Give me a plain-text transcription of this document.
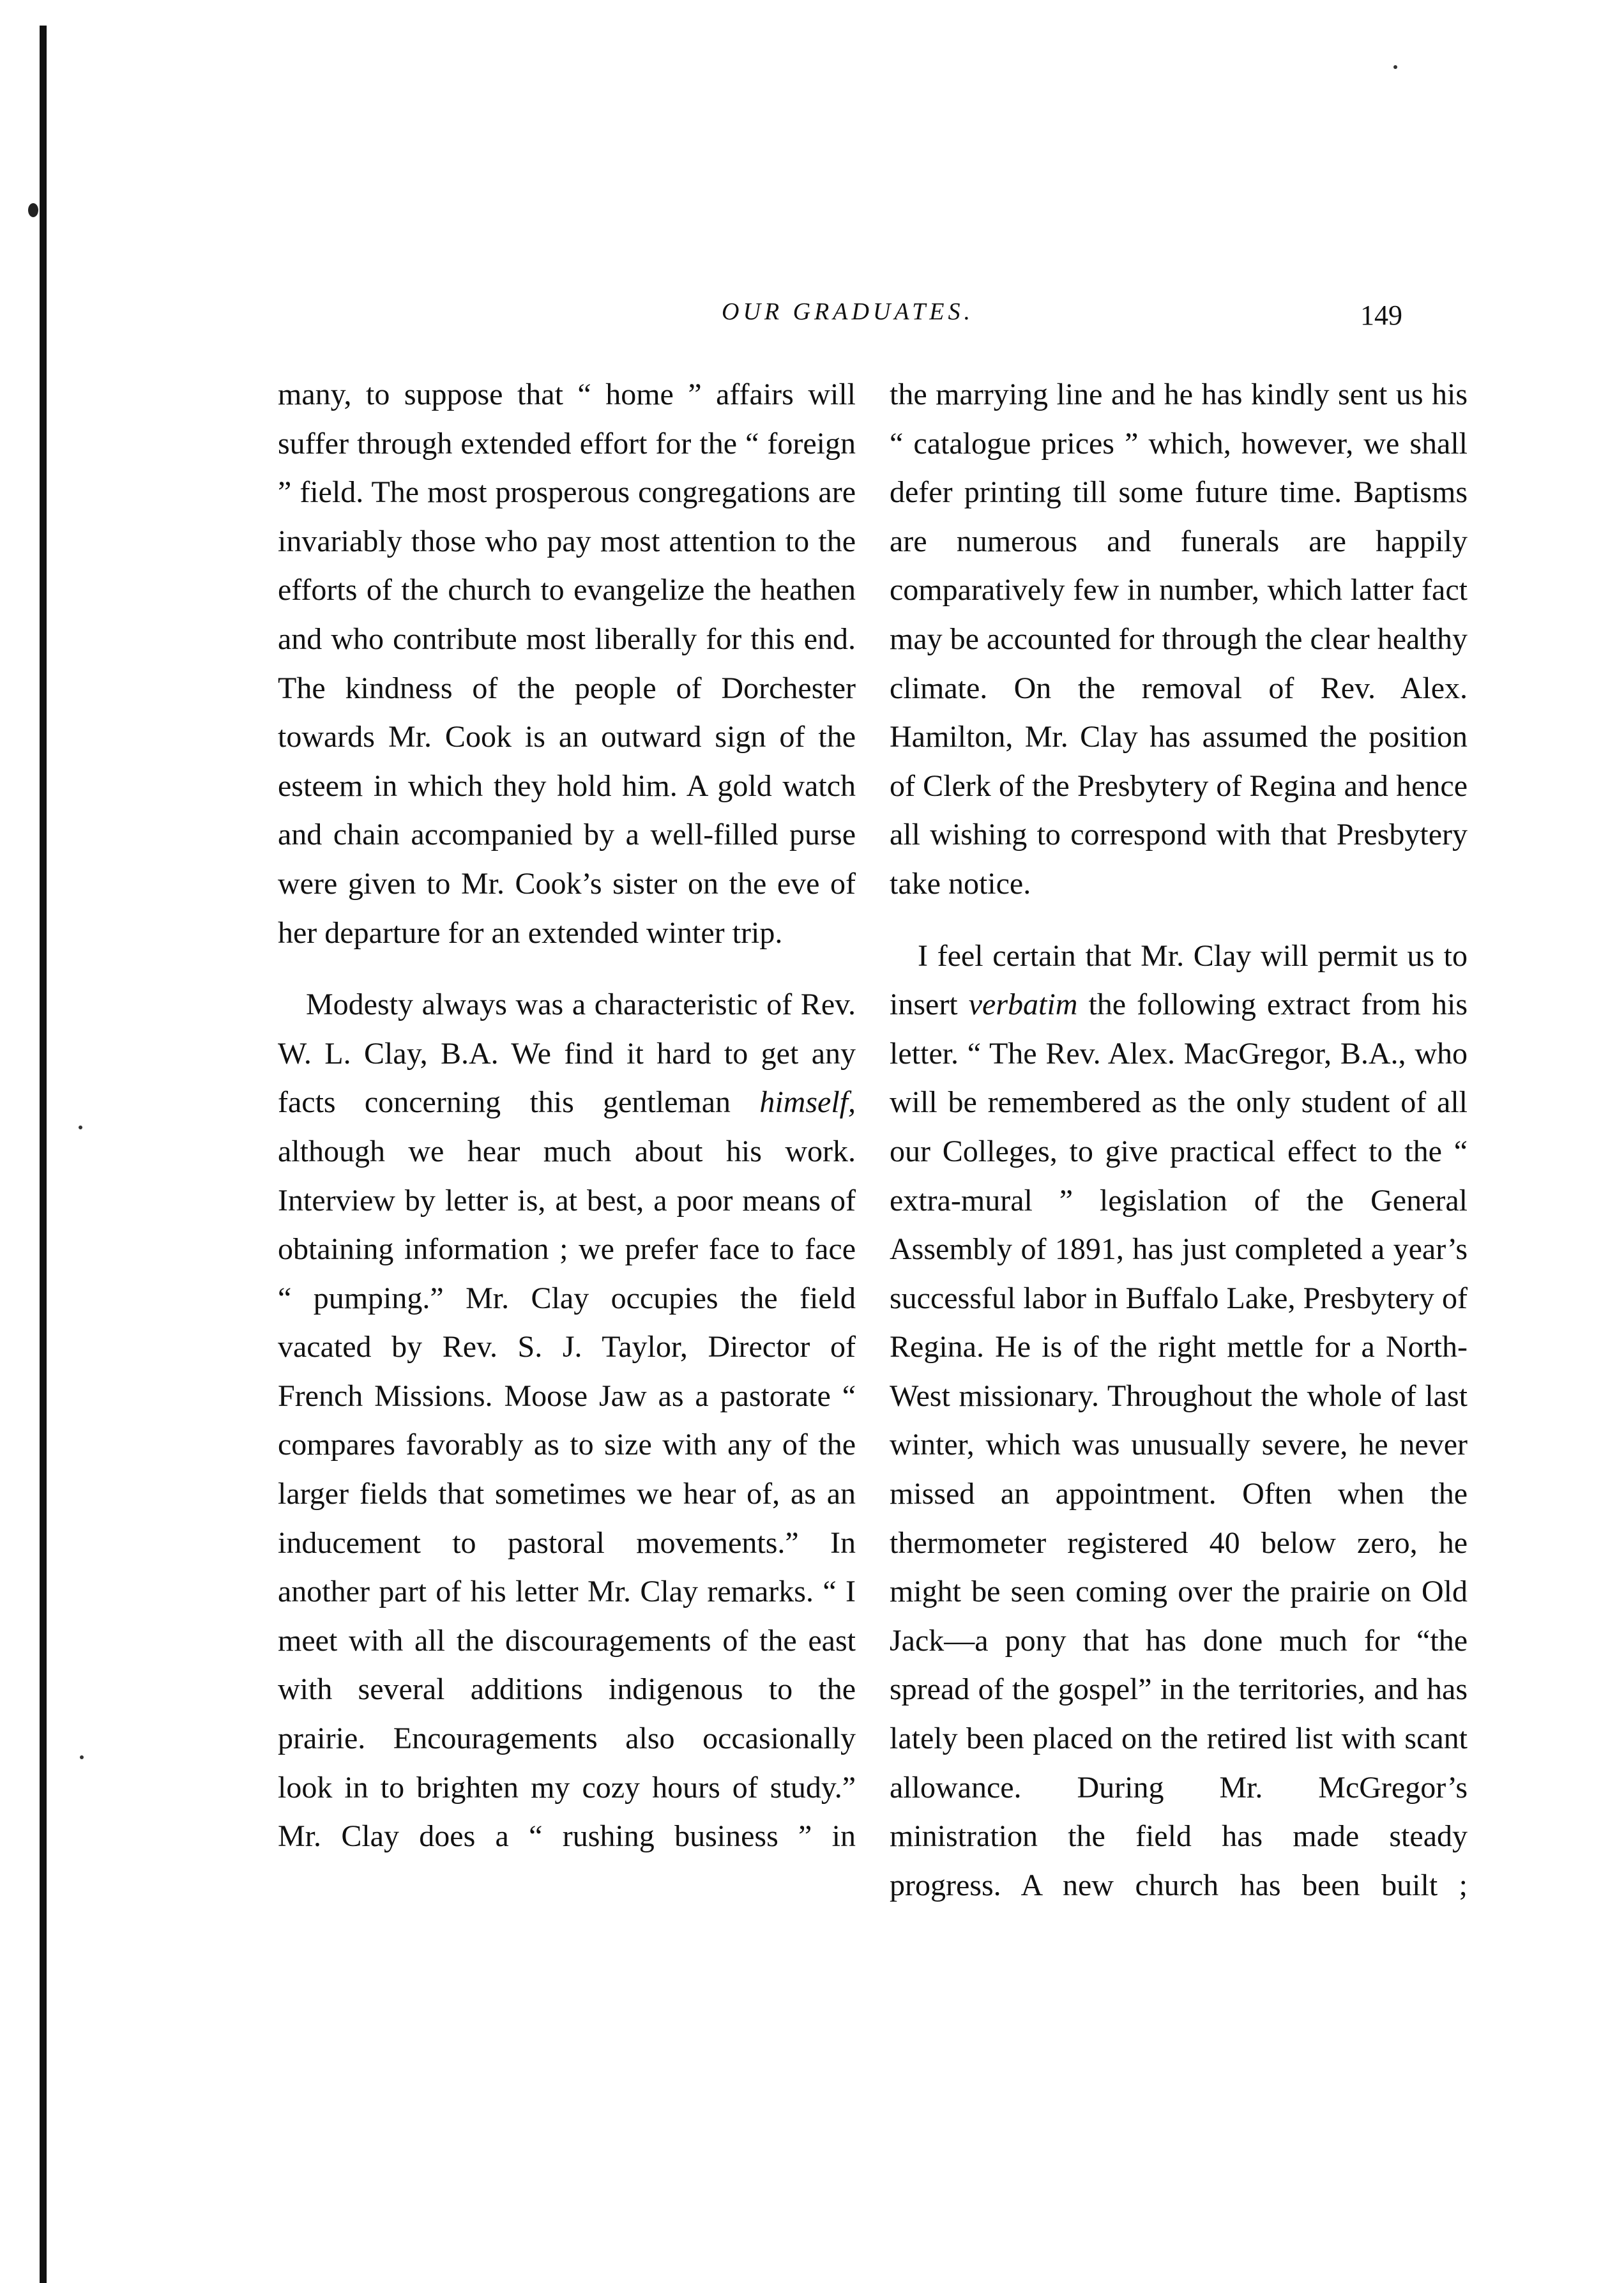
OUR GRADUATES.	149

many, to suppose that “ home ” affairs will suffer through extended effort for the “ foreign ” field. The most prosperous congregations are invariably those who pay most attention to the efforts of the church to evangelize the heathen and who contribute most liberally for this end. The kindness of the people of Dorchester towards Mr. Cook is an outward sign of the esteem in which they hold him. A gold watch and chain accompanied by a well-filled purse were given to Mr. Cook’s sister on the eve of her departure for an extended winter trip.

Modesty always was a characteristic of Rev. W. L. Clay, B.A. We find it hard to get any facts concerning this gentleman himself, although we hear much about his work. Interview by letter is, at best, a poor means of obtaining information ; we prefer face to face “ pumping.” Mr. Clay occupies the field vacated by Rev. S. J. Taylor, Director of French Missions. Moose Jaw as a pastorate “ compares favorably as to size with any of the larger fields that sometimes we hear of, as an inducement to pastoral movements.” In another part of his letter Mr. Clay remarks. “ I meet with all the discouragements of the east with several additions indigenous to the prairie. Encouragements also occasionally look in to brighten my cozy hours of study.” Mr. Clay does a “ rushing business ” in

the marrying line and he has kindly sent us his “ catalogue prices ” which, however, we shall defer printing till some future time. Baptisms are numerous and funerals are happily comparatively few in number, which latter fact may be accounted for through the clear healthy climate. On the removal of Rev. Alex. Hamilton, Mr. Clay has assumed the position of Clerk of the Presbytery of Regina and hence all wishing to correspond with that Presbytery take notice.

I feel certain that Mr. Clay will permit us to insert verbatim the following extract from his letter. “ The Rev. Alex. MacGregor, B.A., who will be remembered as the only student of all our Colleges, to give practical effect to the “ extra-mural ” legislation of the General Assembly of 1891, has just completed a year’s successful labor in Buffalo Lake, Presbytery of Regina. He is of the right mettle for a North-West missionary. Throughout the whole of last winter, which was unusually severe, he never missed an appointment. Often when the thermometer registered 40 below zero, he might be seen coming over the prairie on Old Jack—a pony that has done much for “the spread of the gospel” in the territories, and has lately been placed on the retired list with scant allowance. During Mr. McGregor’s ministration the field has made steady progress. A new church has been built ;
